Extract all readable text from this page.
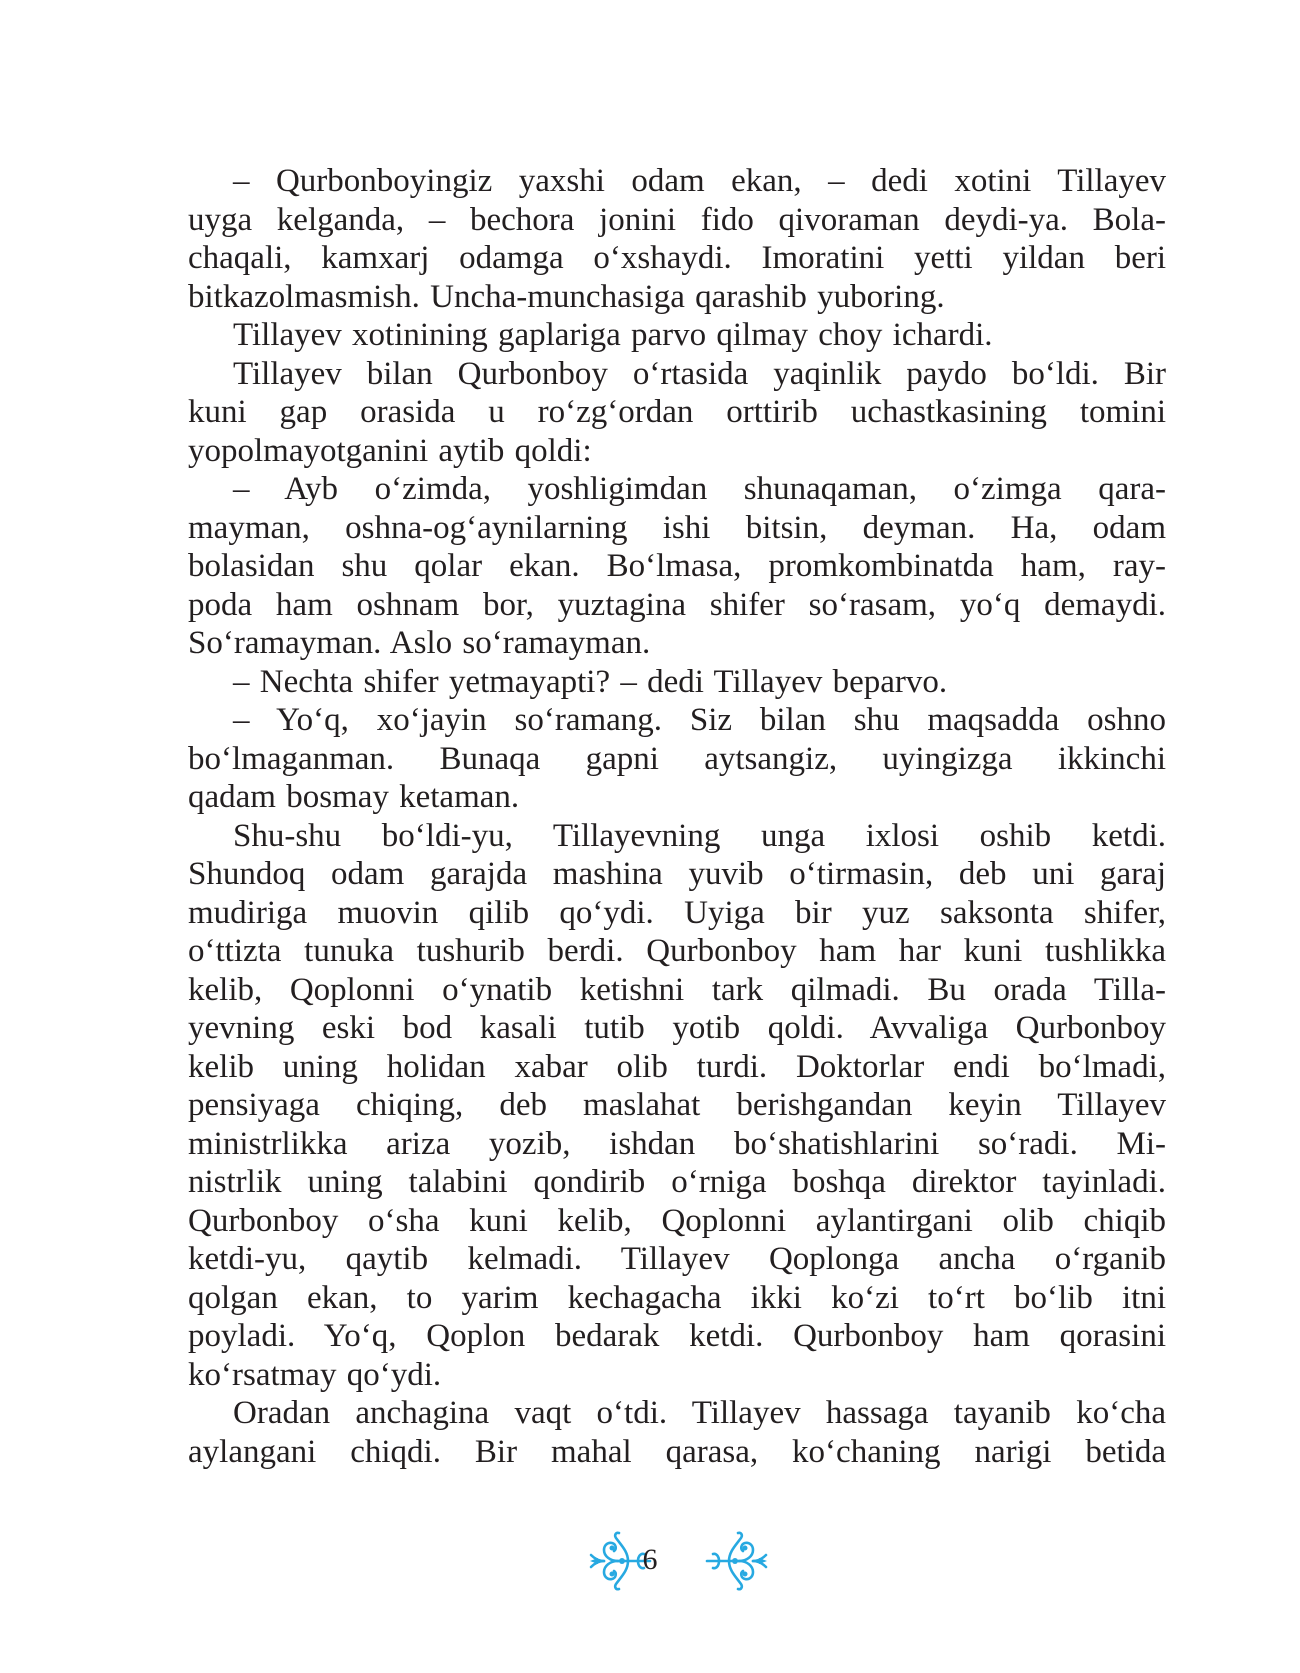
– Qurbonboyingiz yaxshi odam ekan, – dedi xotini Tillayev
uyga kelganda, – bechora jonini fido qivoraman deydi-ya. Bola-
chaqali, kamxarj odamga o‘xshaydi. Imoratini yetti yildan beri
bitkazolmasmish. Uncha-munchasiga qarashib yuboring.

Tillayev xotinining gaplariga parvo qilmay choy ichardi.

Tillayev bilan Qurbonboy o‘rtasida yaqinlik paydo bo‘ldi. Bir
kuni gap orasida u ro‘zg‘ordan orttirib uchastkasining tomini
yopolmayotganini aytib qoldi:

– Ayb o‘zimda, yoshligimdan shunaqaman, o‘zimga qara-
mayman, oshna-og‘aynilarning ishi bitsin, deyman. Ha, odam
bolasidan shu qolar ekan. Bo‘lmasa, promkombinatda ham, ray-
poda ham oshnam bor, yuztagina shifer so‘rasam, yo‘q demaydi.
So‘ramayman. Aslo so‘ramayman.

– Nechta shifer yetmayapti? – dedi Tillayev beparvo.

– Yo‘q, xo‘jayin so‘ramang. Siz bilan shu maqsadda oshno
bo‘lmaganman. Bunaqa gapni aytsangiz, uyingizga ikkinchi
qadam bosmay ketaman.

Shu-shu bo‘ldi-yu, Tillayevning unga ixlosi oshib ketdi.
Shundoq odam garajda mashina yuvib o‘tirmasin, deb uni garaj
mudiriga muovin qilib qo‘ydi. Uyiga bir yuz saksonta shifer,
o‘ttizta tunuka tushurib berdi. Qurbonboy ham har kuni tushlikka
kelib, Qoplonni o‘ynatib ketishni tark qilmadi. Bu orada Tilla-
yevning eski bod kasali tutib yotib qoldi. Avvaliga Qurbonboy
kelib uning holidan xabar olib turdi. Doktorlar endi bo‘lmadi,
pensiyaga chiqing, deb maslahat berishgandan keyin Tillayev
ministrlikka ariza yozib, ishdan bo‘shatishlarini so‘radi. Mi-
nistrlik uning talabini qondirib o‘rniga boshqa direktor tayinladi.
Qurbonboy o‘sha kuni kelib, Qoplonni aylantirgani olib chiqib
ketdi-yu, qaytib kelmadi. Tillayev Qoplonga ancha o‘rganib
qolgan ekan, to yarim kechagacha ikki ko‘zi to‘rt bo‘lib itni
poyladi. Yo‘q, Qoplon bedarak ketdi. Qurbonboy ham qorasini
ko‘rsatmay qo‘ydi.

Oradan anchagina vaqt o‘tdi. Tillayev hassaga tayanib ko‘cha
aylangani chiqdi. Bir mahal qarasa, ko‘chaning narigi betida

6
